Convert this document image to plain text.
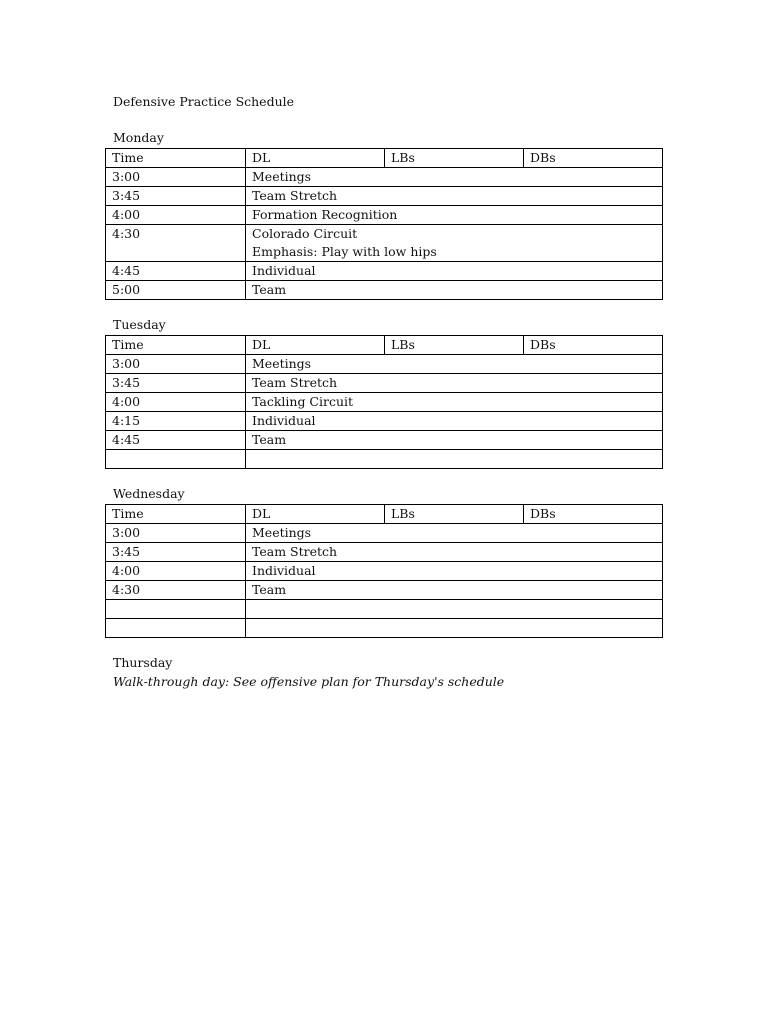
Defensive Practice Schedule
Monday
Time	DL	LBs	DBs
3:00	Meetings		
3:45	Team Stretch		
4:00	Formation Recognition		
4:30	Colorado Circuit
Emphasis: Play with low hips		

4:45	Individual		
5:00	Team		
Tuesday
Time	DL	LBs	DBs
3:00	Meetings		
3:45	Team Stretch		
4:00	Tackling Circuit		
4:15	Individual		
4:45	Team		

Wednesday
Time	DL	LBs	DBs
3:00	Meetings		
3:45	Team Stretch		
4:00	Individual		
4:30	Team		

Thursday
Walk-through day: See offensive plan for Thursday's schedule
